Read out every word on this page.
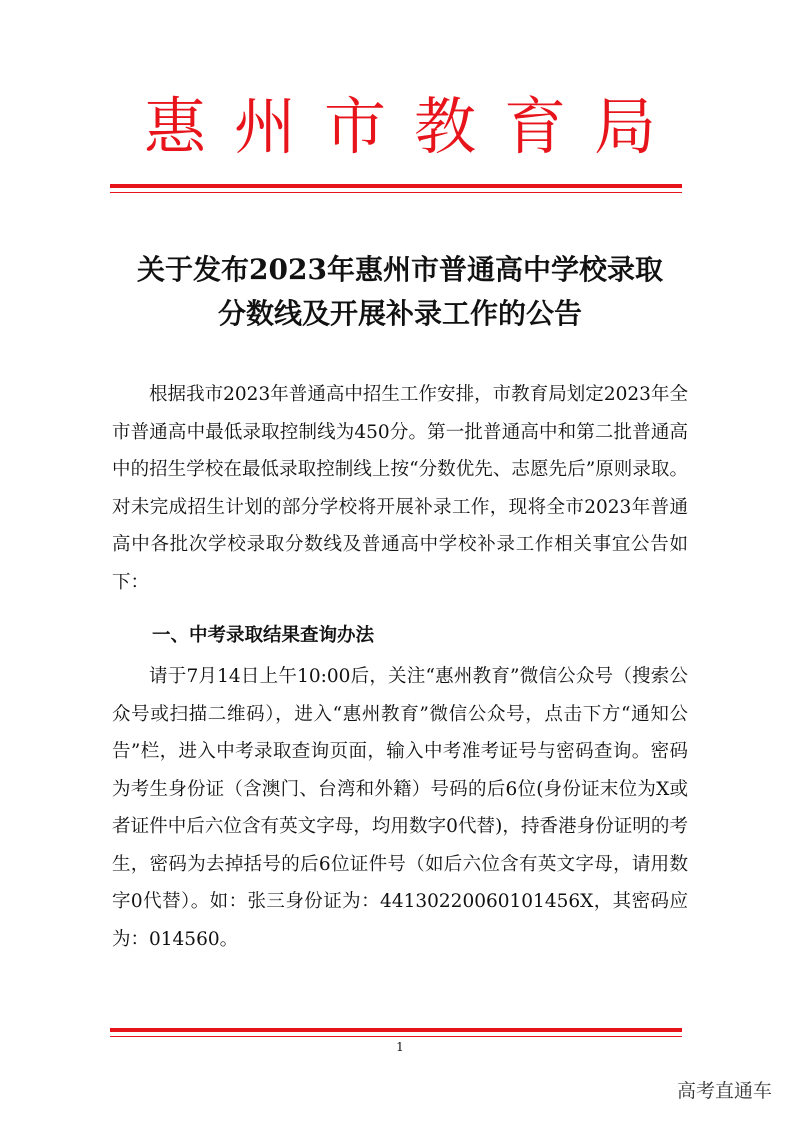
惠州市教育局
关于发布2023年惠州市普通高中学校录取
分数线及开展补录工作的公告

根据我市2023年普通高中招生工作安排，市教育局划定2023年全市普通高中最低录取控制线为450分。第一批普通高中和第二批普通高中的招生学校在最低录取控制线上按“分数优先、志愿先后”原则录取。对未完成招生计划的部分学校将开展补录工作，现将全市2023年普通高中各批次学校录取分数线及普通高中学校补录工作相关事宜公告如下：

一、中考录取结果查询办法

请于7月14日上午10:00后，关注“惠州教育”微信公众号（搜索公众号或扫描二维码），进入“惠州教育”微信公众号，点击下方“通知公告”栏，进入中考录取查询页面，输入中考准考证号与密码查询。密码为考生身份证（含澳门、台湾和外籍）号码的后6位(身份证末位为X或者证件中后六位含有英文字母，均用数字0代替)，持香港身份证明的考生，密码为去掉括号的后6位证件号（如后六位含有英文字母，请用数字0代替）。如：张三身份证为：44130220060101456X，其密码应为：014560。

1
高考直通车
